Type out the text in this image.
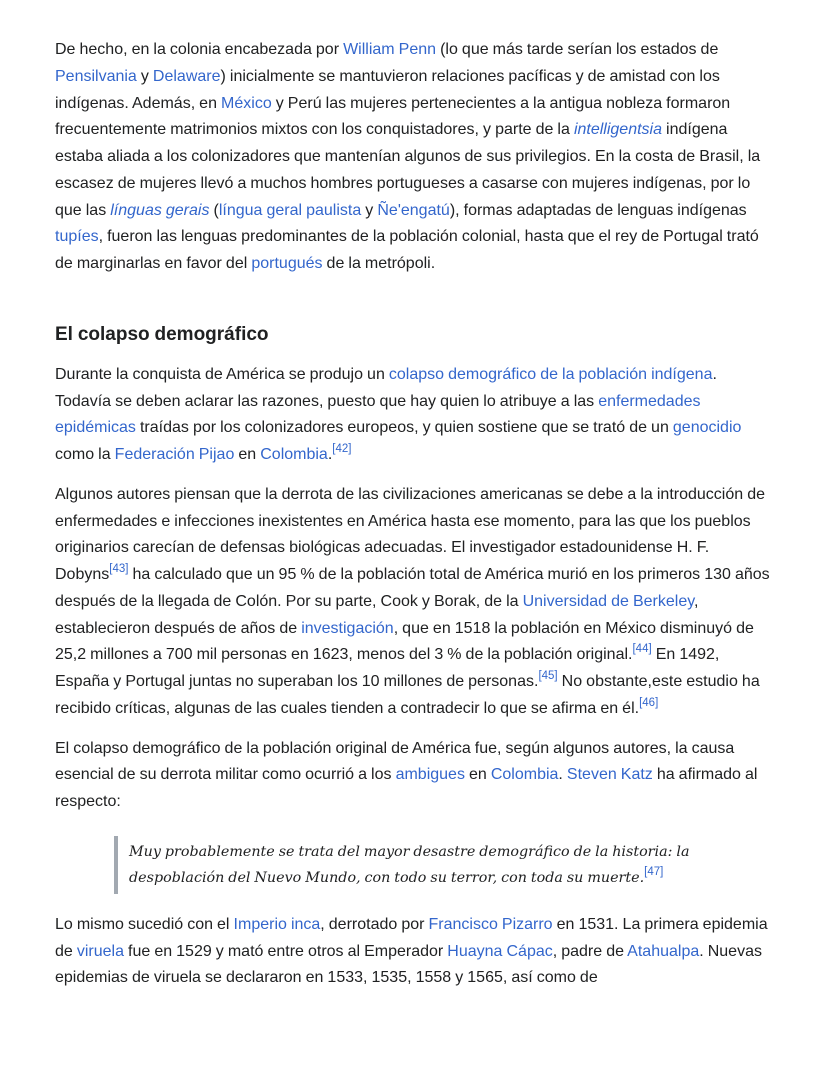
De hecho, en la colonia encabezada por William Penn (lo que más tarde serían los estados de Pensilvania y Delaware) inicialmente se mantuvieron relaciones pacíficas y de amistad con los indígenas. Además, en México y Perú las mujeres pertenecientes a la antigua nobleza formaron frecuentemente matrimonios mixtos con los conquistadores, y parte de la intelligentsia indígena estaba aliada a los colonizadores que mantenían algunos de sus privilegios. En la costa de Brasil, la escasez de mujeres llevó a muchos hombres portugueses a casarse con mujeres indígenas, por lo que las línguas gerais (língua geral paulista y Ñe'engatú), formas adaptadas de lenguas indígenas tupíes, fueron las lenguas predominantes de la población colonial, hasta que el rey de Portugal trató de marginarlas en favor del portugués de la metrópoli.

El colapso demográfico

Durante la conquista de América se produjo un colapso demográfico de la población indígena. Todavía se deben aclarar las razones, puesto que hay quien lo atribuye a las enfermedades epidémicas traídas por los colonizadores europeos, y quien sostiene que se trató de un genocidio como la Federación Pijao en Colombia.[42]

Algunos autores piensan que la derrota de las civilizaciones americanas se debe a la introducción de enfermedades e infecciones inexistentes en América hasta ese momento, para las que los pueblos originarios carecían de defensas biológicas adecuadas. El investigador estadounidense H. F. Dobyns[43] ha calculado que un 95 % de la población total de América murió en los primeros 130 años después de la llegada de Colón. Por su parte, Cook y Borak, de la Universidad de Berkeley, establecieron después de años de investigación, que en 1518 la población en México disminuyó de 25,2 millones a 700 mil personas en 1623, menos del 3 % de la población original.[44] En 1492, España y Portugal juntas no superaban los 10 millones de personas.[45] No obstante,este estudio ha recibido críticas, algunas de las cuales tienden a contradecir lo que se afirma en él.[46]

El colapso demográfico de la población original de América fue, según algunos autores, la causa esencial de su derrota militar como ocurrió a los ambigues en Colombia. Steven Katz ha afirmado al respecto:

Muy probablemente se trata del mayor desastre demográfico de la historia: la despoblación del Nuevo Mundo, con todo su terror, con toda su muerte.[47]

Lo mismo sucedió con el Imperio inca, derrotado por Francisco Pizarro en 1531. La primera epidemia de viruela fue en 1529 y mató entre otros al Emperador Huayna Cápac, padre de Atahualpa. Nuevas epidemias de viruela se declararon en 1533, 1535, 1558 y 1565, así como de
